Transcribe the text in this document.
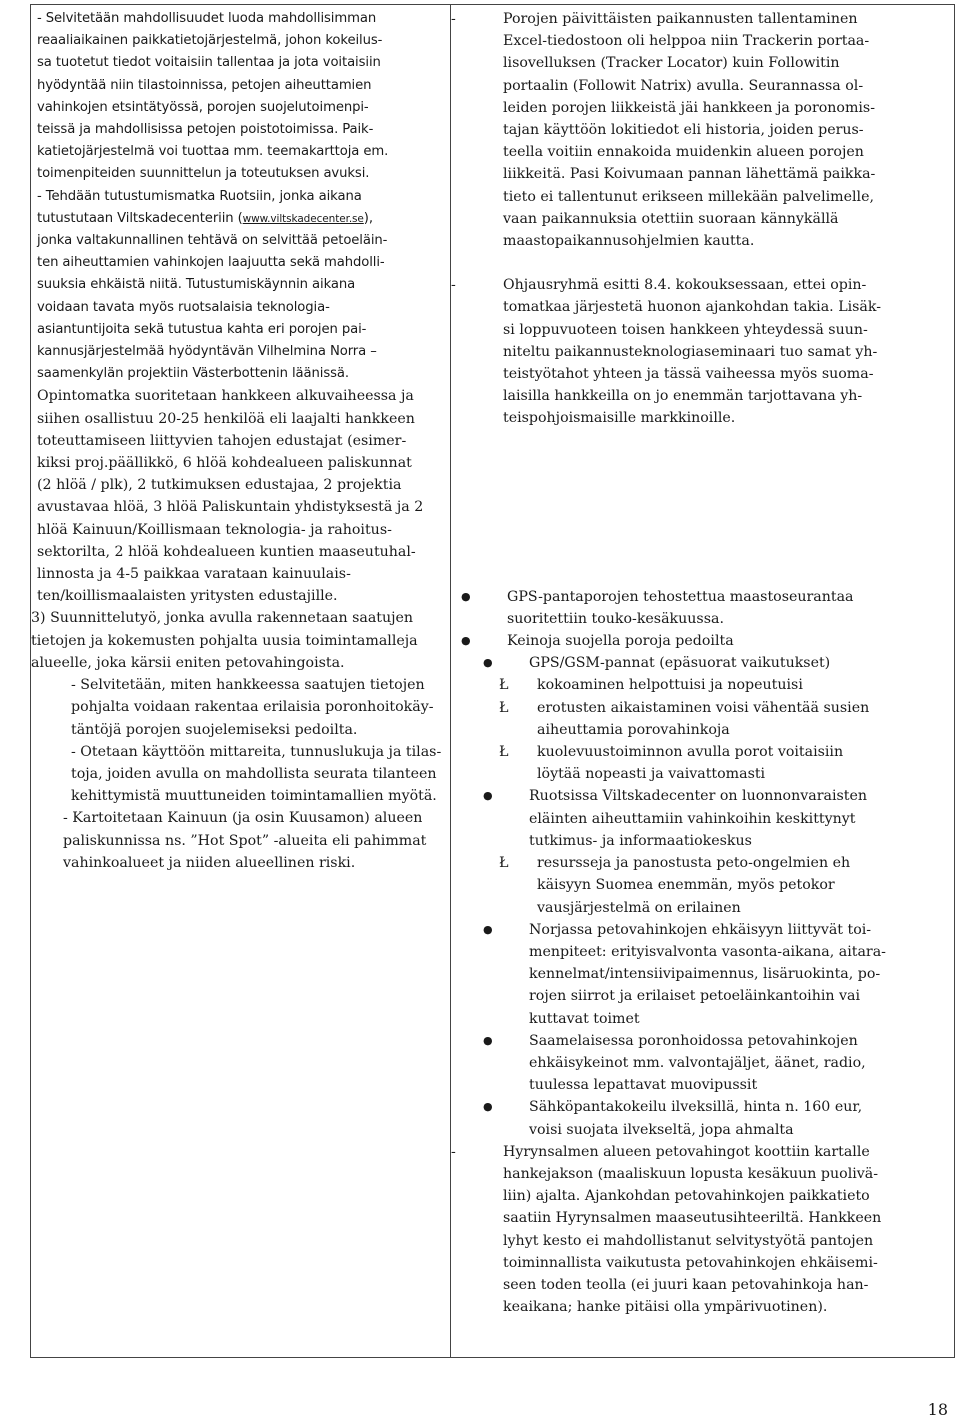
- Selvitetään mahdollisuudet luoda mahdollisimman

reaaliaikainen paikkatietojärjestelmä, johon kokeilus-

sa tuotetut tiedot voitaisiin tallentaa ja jota voitaisiin

hyödyntää niin tilastoinnissa, petojen aiheuttamien

vahinkojen etsintätyössä, porojen suojelutoimenpi-

teissä ja mahdollisissa petojen poistotoimissa. Paik-

katietojärjestelmä voi tuottaa mm. teemakarttoja em.

toimenpiteiden suunnittelun ja toteutuksen avuksi.

- Tehdään tutustumismatka Ruotsiin, jonka aikana

tutustutaan Viltskadecenteriin (www.viltskadecenter.se),

jonka valtakunnallinen tehtävä on selvittää petoeläin-

ten aiheuttamien vahinkojen laajuutta sekä mahdolli-

suuksia ehkäistä niitä. Tutustumiskäynnin aikana

voidaan tavata myös ruotsalaisia teknologia-

asiantuntijoita sekä tutustua kahta eri porojen pai-

kannusjärjestelmää hyödyntävän Vilhelmina Norra –

saamenkylän projektiin Västerbottenin läänissä.

Opintomatka suoritetaan hankkeen alkuvaiheessa ja

siihen osallistuu 20-25 henkilöä eli laajalti hankkeen

toteuttamiseen liittyvien tahojen edustajat (esimer-

kiksi proj.päällikkö, 6 hlöä kohdealueen paliskunnat

(2 hlöä / plk), 2 tutkimuksen edustajaa, 2 projektia

avustavaa hlöä, 3 hlöä Paliskuntain yhdistyksestä ja 2

hlöä Kainuun/Koillismaan teknologia- ja rahoitus-

sektorilta, 2 hlöä kohdealueen kuntien maaseutuhal-

linnosta ja 4-5 paikkaa varataan kainuulais-

ten/koillismaalaisten yritysten edustajille.

3) Suunnittelutyö, jonka avulla rakennetaan saatujen

tietojen ja kokemusten pohjalta uusia toimintamalleja

alueelle, joka kärsii eniten petovahingoista.

- Selvitetään, miten hankkeessa saatujen tietojen

pohjalta voidaan rakentaa erilaisia poronhoitokäy-

täntöjä porojen suojelemiseksi pedoilta.

- Otetaan käyttöön mittareita, tunnuslukuja ja tilas-

toja, joiden avulla on mahdollista seurata tilanteen

kehittymistä muuttuneiden toimintamallien myötä.

- Kartoitetaan Kainuun (ja osin Kuusamon) alueen

paliskunnissa ns. ”Hot Spot” -alueita eli pahimmat

vahinkoalueet ja niiden alueellinen riski.

-	Porojen päivittäisten paikannusten tallentaminen

Excel-tiedostoon oli helppoa niin Trackerin portaa-

lisovelluksen (Tracker Locator) kuin Followitin

portaalin (Followit Natrix) avulla. Seurannassa ol-

leiden porojen liikkeistä jäi hankkeen ja poronomis-

tajan käyttöön lokitiedot eli historia, joiden perus-

teella voitiin ennakoida muidenkin alueen porojen

liikkeitä. Pasi Koivumaan pannan lähettämä paikka-

tieto ei tallentunut erikseen millekään palvelimelle,

vaan paikannuksia otettiin suoraan kännykällä

maastopaikannusohjelmien kautta.

-	Ohjausryhmä esitti 8.4. kokouksessaan, ettei opin-

tomatkaa järjestetä huonon ajankohdan takia. Lisäk-

si loppuvuoteen toisen hankkeen yhteydessä suun-

niteltu paikannusteknologiaseminaari tuo samat yh-

teistyötahot yhteen ja tässä vaiheessa myös suoma-

laisilla hankkeilla on jo enemmän tarjottavana yh-

teispohjoismaisille markkinoille.

●	GPS-pantaporojen tehostettua maastoseurantaa

suoritettiin touko-kesäkuussa.

●	Keinoja suojella poroja pedoilta

●	GPS/GSM-pannat (epäsuorat vaikutukset)

Ł kokoaminen helpottuisi ja nopeutuisi

Ł erotusten aikaistaminen voisi vähentää susien

aiheuttamia porovahinkoja

Ł kuolevuustoiminnon avulla porot voitaisiin

löytää nopeasti ja vaivattomasti

●	Ruotsissa Viltskadecenter on luonnonvaraisten

eläinten aiheuttamiin vahinkoihin keskittynyt

tutkimus- ja informaatiokeskus

Ł resursseja ja panostusta peto-ongelmien eh

käisyyn Suomea enemmän, myös petokor

vausjärjestelmä on erilainen

●	Norjassa petovahinkojen ehkäisyyn liittyvät toi-

menpiteet: erityisvalvonta vasonta-aikana, aitara-

kennelmat/intensiivipaimennus, lisäruokinta, po-

rojen siirrot ja erilaiset petoeläinkantoihin vai

kuttavat toimet

●	Saamelaisessa poronhoidossa petovahinkojen

ehkäisykeinot mm. valvontajäljet, äänet, radio,

tuulessa lepattavat muovipussit

●	Sähköpantakokeilu ilveksillä, hinta n. 160 eur,

voisi suojata ilvekseltä, jopa ahmalta

-	Hyrynsalmen alueen petovahingot koottiin kartalle

hankejakson (maaliskuun lopusta kesäkuun puolivä-

liin) ajalta. Ajankohdan petovahinkojen paikkatieto

saatiin Hyrynsalmen maaseutusihteeriltä. Hankkeen

lyhyt kesto ei mahdollistanut selvitystyötä pantojen

toiminnallista vaikutusta petovahinkojen ehkäisemi-

seen toden teolla (ei juuri kaan petovahinkoja han-

keaikana; hanke pitäisi olla ympärivuotinen).

18
